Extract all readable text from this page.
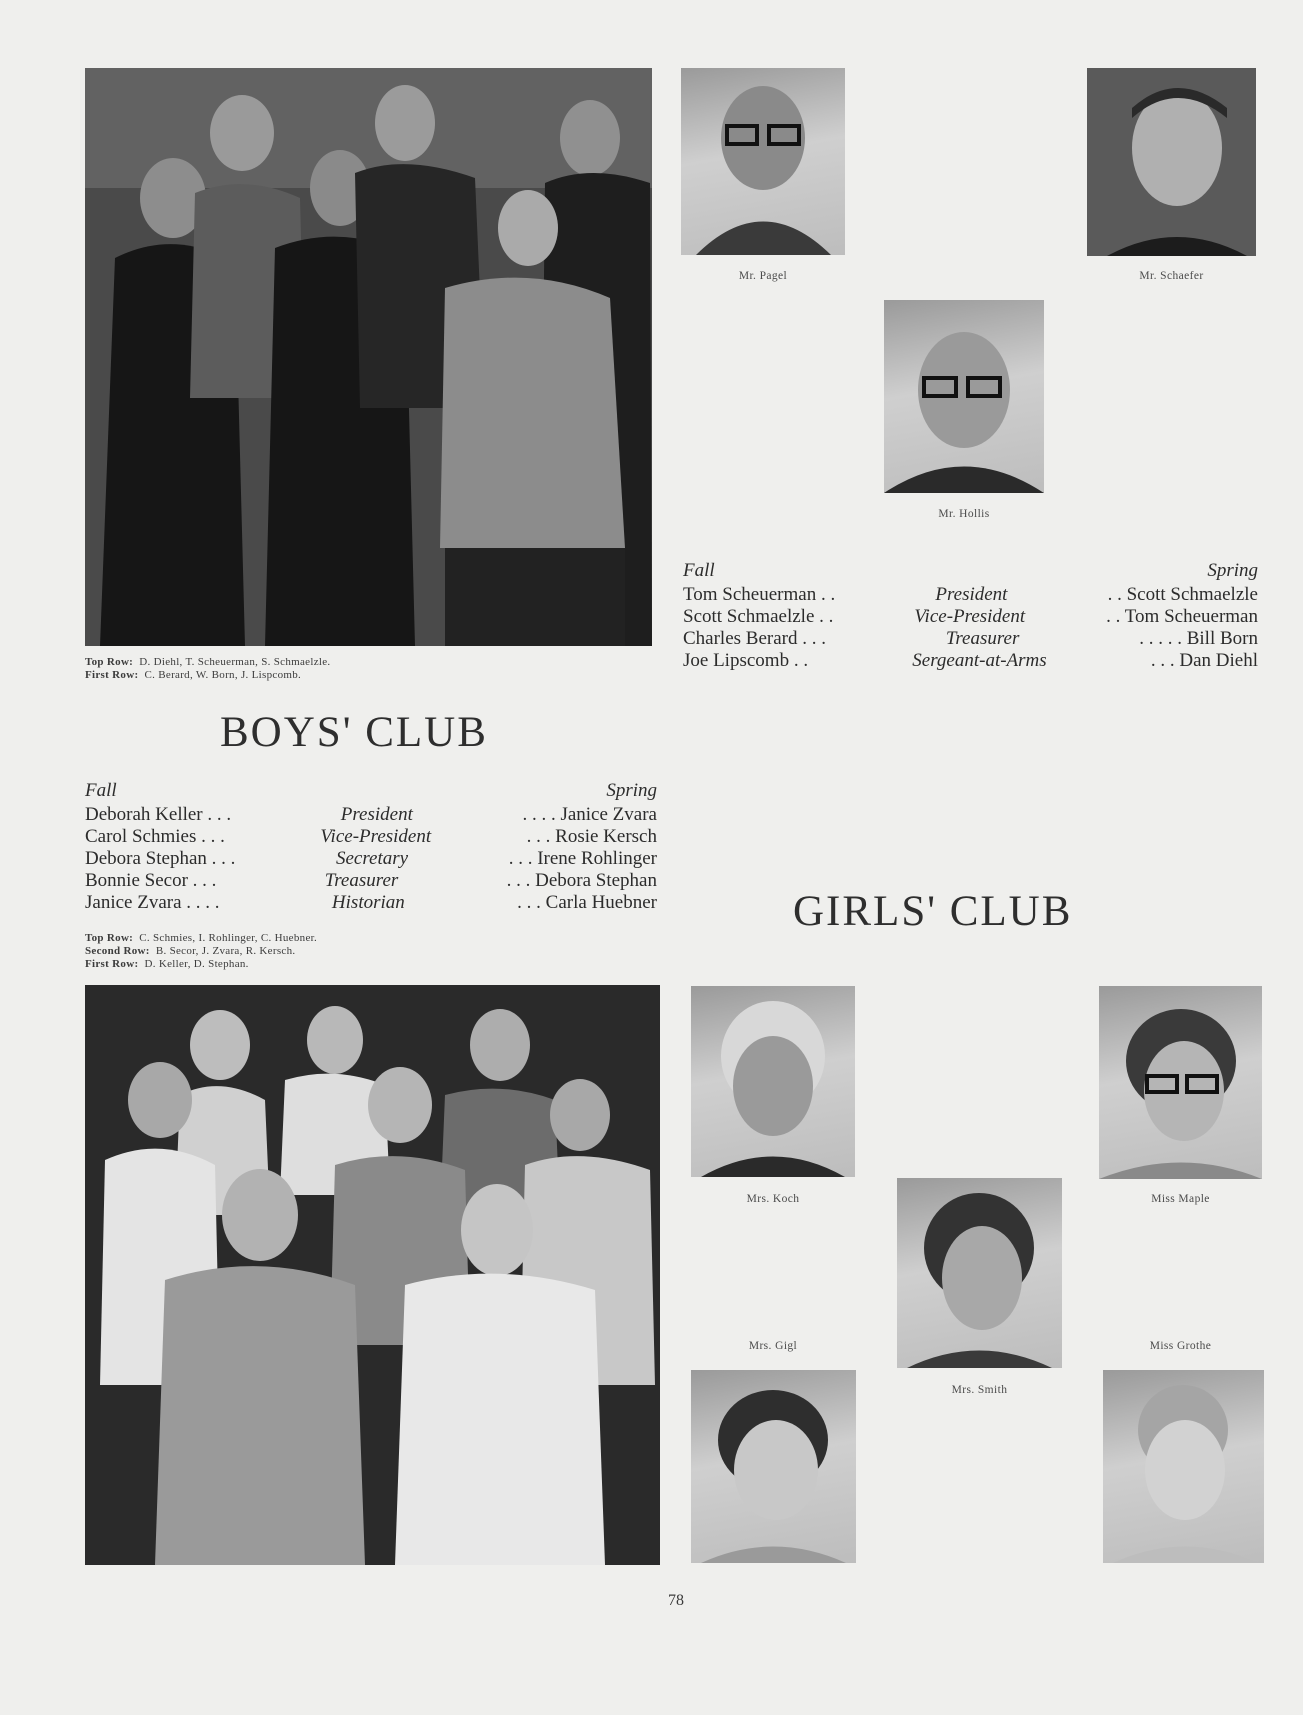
Top Row: D. Diehl, T. Scheuerman, S. Schmaelzle.
First Row: C. Berard, W. Born, J. Lispcomb.
BOYS' CLUB
Mr. Pagel	Mr. Schaefer
Mr. Hollis
Fall	Spring
Tom Scheuerman . .	President	. . Scott Schmaelzle
Scott Schmaelzle . .	Vice-President	. . Tom Scheuerman
Charles Berard . . .	Treasurer	. . . . . Bill Born
Joe Lipscomb . .	Sergeant-at-Arms	. . . Dan Diehl
Fall	Spring
Deborah Keller . . .	President	. . . . Janice Zvara
Carol Schmies . . .	Vice-President	. . . Rosie Kersch
Debora Stephan . . .	Secretary	. . . Irene Rohlinger
Bonnie Secor . . .	Treasurer	. . . Debora Stephan
Janice Zvara . . . .	Historian	. . . Carla Huebner
Top Row: C. Schmies, I. Rohlinger, C. Huebner.
Second Row: B. Secor, J. Zvara, R. Kersch.
First Row: D. Keller, D. Stephan.
GIRLS' CLUB
Mrs. Koch	Miss Maple
Mrs. Smith
Mrs. Gigl	Miss Grothe
78
